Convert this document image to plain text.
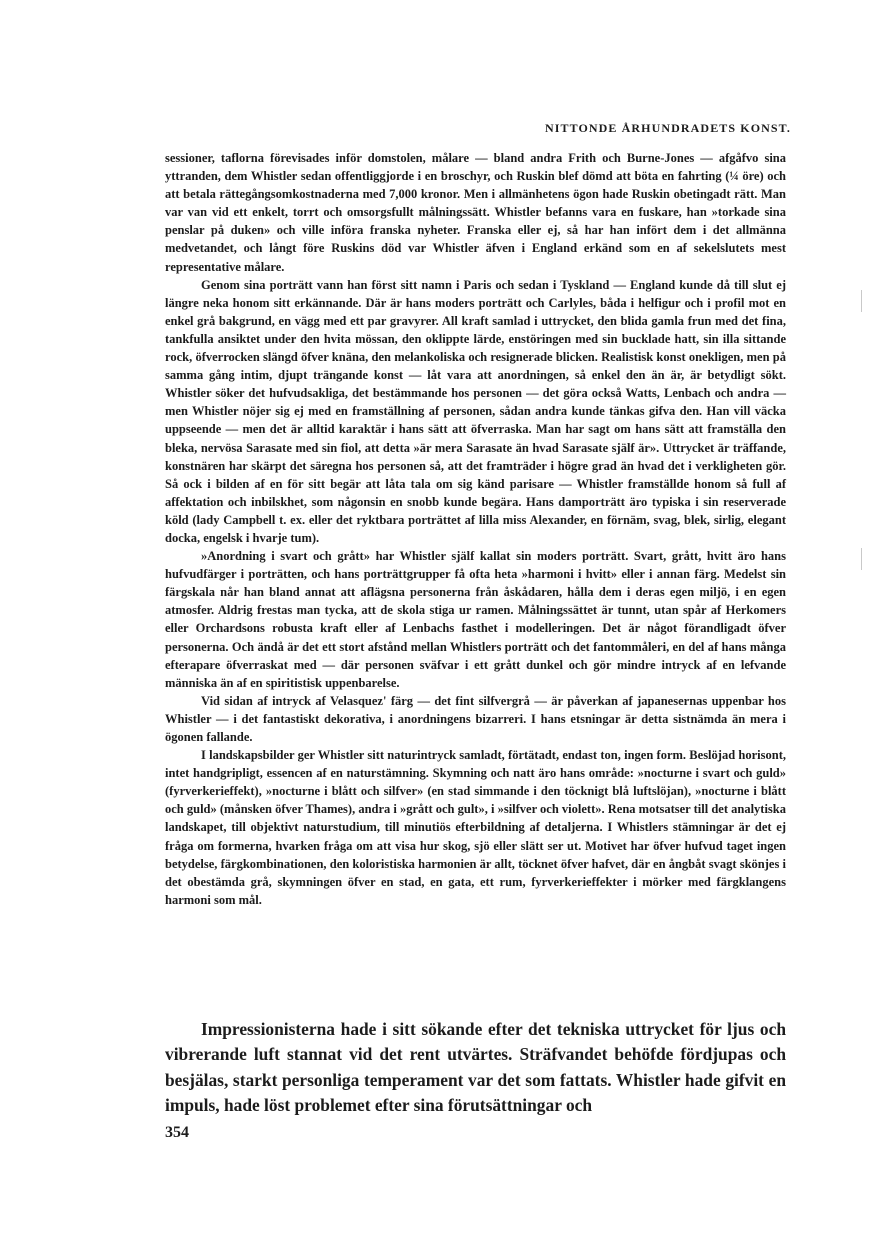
NITTONDE ÅRHUNDRADETS KONST.

sessioner, taflorna förevisades inför domstolen, målare — bland andra Frith och Burne-Jones — afgåfvo sina yttranden, dem Whistler sedan offentliggjorde i en broschyr, och Ruskin blef dömd att böta en fahrting (¼ öre) och att betala rättegångsomkostnaderna med 7,000 kronor. Men i allmänhetens ögon hade Ruskin obetingadt rätt. Man var van vid ett enkelt, torrt och omsorgsfullt målningssätt. Whistler befanns vara en fuskare, han »torkade sina penslar på duken» och ville införa franska nyheter. Franska eller ej, så har han infört dem i det allmänna medvetandet, och långt före Ruskins död var Whistler äfven i England erkänd som en af sekelslutets mest representative målare.

Genom sina porträtt vann han först sitt namn i Paris och sedan i Tyskland — England kunde då till slut ej längre neka honom sitt erkännande. Där är hans moders porträtt och Carlyles, båda i helfigur och i profil mot en enkel grå bakgrund, en vägg med ett par gravyrer. All kraft samlad i uttrycket, den blida gamla frun med det fina, tankfulla ansiktet under den hvita mössan, den oklippte lärde, enstöringen med sin bucklade hatt, sin illa sittande rock, öfverrocken slängd öfver knäna, den melankoliska och resignerade blicken. Realistisk konst onekligen, men på samma gång intim, djupt trängande konst — låt vara att anordningen, så enkel den än är, är betydligt sökt. Whistler söker det hufvudsakliga, det bestämmande hos personen — det göra också Watts, Lenbach och andra — men Whistler nöjer sig ej med en framställning af personen, sådan andra kunde tänkas gifva den. Han vill väcka uppseende — men det är alltid karaktär i hans sätt att öfverraska. Man har sagt om hans sätt att framställa den bleka, nervösa Sarasate med sin fiol, att detta »är mera Sarasate än hvad Sarasate själf är». Uttrycket är träffande, konstnären har skärpt det säregna hos personen så, att det framträder i högre grad än hvad det i verkligheten gör. Så ock i bilden af en för sitt begär att låta tala om sig känd parisare — Whistler framställde honom så full af affektation och inbilskhet, som någonsin en snobb kunde begära. Hans damporträtt äro typiska i sin reserverade köld (lady Campbell t. ex. eller det ryktbara porträttet af lilla miss Alexander, en förnäm, svag, blek, sirlig, elegant docka, engelsk i hvarje tum).

»Anordning i svart och grått» har Whistler själf kallat sin moders porträtt. Svart, grått, hvitt äro hans hufvudfärger i porträtten, och hans porträttgrupper få ofta heta »harmoni i hvitt» eller i annan färg. Medelst sin färgskala når han bland annat att aflägsna personerna från åskådaren, hålla dem i deras egen miljö, i en egen atmosfer. Aldrig frestas man tycka, att de skola stiga ur ramen. Målningssättet är tunnt, utan spår af Herkomers eller Orchardsons robusta kraft eller af Lenbachs fasthet i modelleringen. Det är något förandligadt öfver personerna. Och ändå är det ett stort afstånd mellan Whistlers porträtt och det fantommåleri, en del af hans många efterapare öfverraskat med — där personen sväfvar i ett grått dunkel och gör mindre intryck af en lefvande människa än af en spiritistisk uppenbarelse.

Vid sidan af intryck af Velasquez' färg — det fint silfvergrå — är påverkan af japanesernas uppenbar hos Whistler — i det fantastiskt dekorativa, i anordningens bizarreri. I hans etsningar är detta sistnämda än mera i ögonen fallande.

I landskapsbilder ger Whistler sitt naturintryck samladt, förtätadt, endast ton, ingen form. Beslöjad horisont, intet handgripligt, essencen af en naturstämning. Skymning och natt äro hans område: »nocturne i svart och guld» (fyrverkerieffekt), »nocturne i blått och silfver» (en stad simmande i den töcknigt blå luftslöjan), »nocturne i blått och guld» (månsken öfver Thames), andra i »grått och gult», i »silfver och violett». Rena motsatser till det analytiska landskapet, till objektivt naturstudium, till minutiös efterbildning af detaljerna. I Whistlers stämningar är det ej fråga om formerna, hvarken fråga om att visa hur skog, sjö eller slätt ser ut. Motivet har öfver hufvud taget ingen betydelse, färgkombinationen, den koloristiska harmonien är allt, töcknet öfver hafvet, där en ångbåt svagt skönjes i det obestämda grå, skymningen öfver en stad, en gata, ett rum, fyrverkerieffekter i mörker med färgklangens harmoni som mål.

Impressionisterna hade i sitt sökande efter det tekniska uttrycket för ljus och vibrerande luft stannat vid det rent utvärtes. Sträfvandet behöfde fördjupas och besjälas, starkt personliga temperament var det som fattats. Whistler hade gifvit en impuls, hade löst problemet efter sina förutsättningar och

354
